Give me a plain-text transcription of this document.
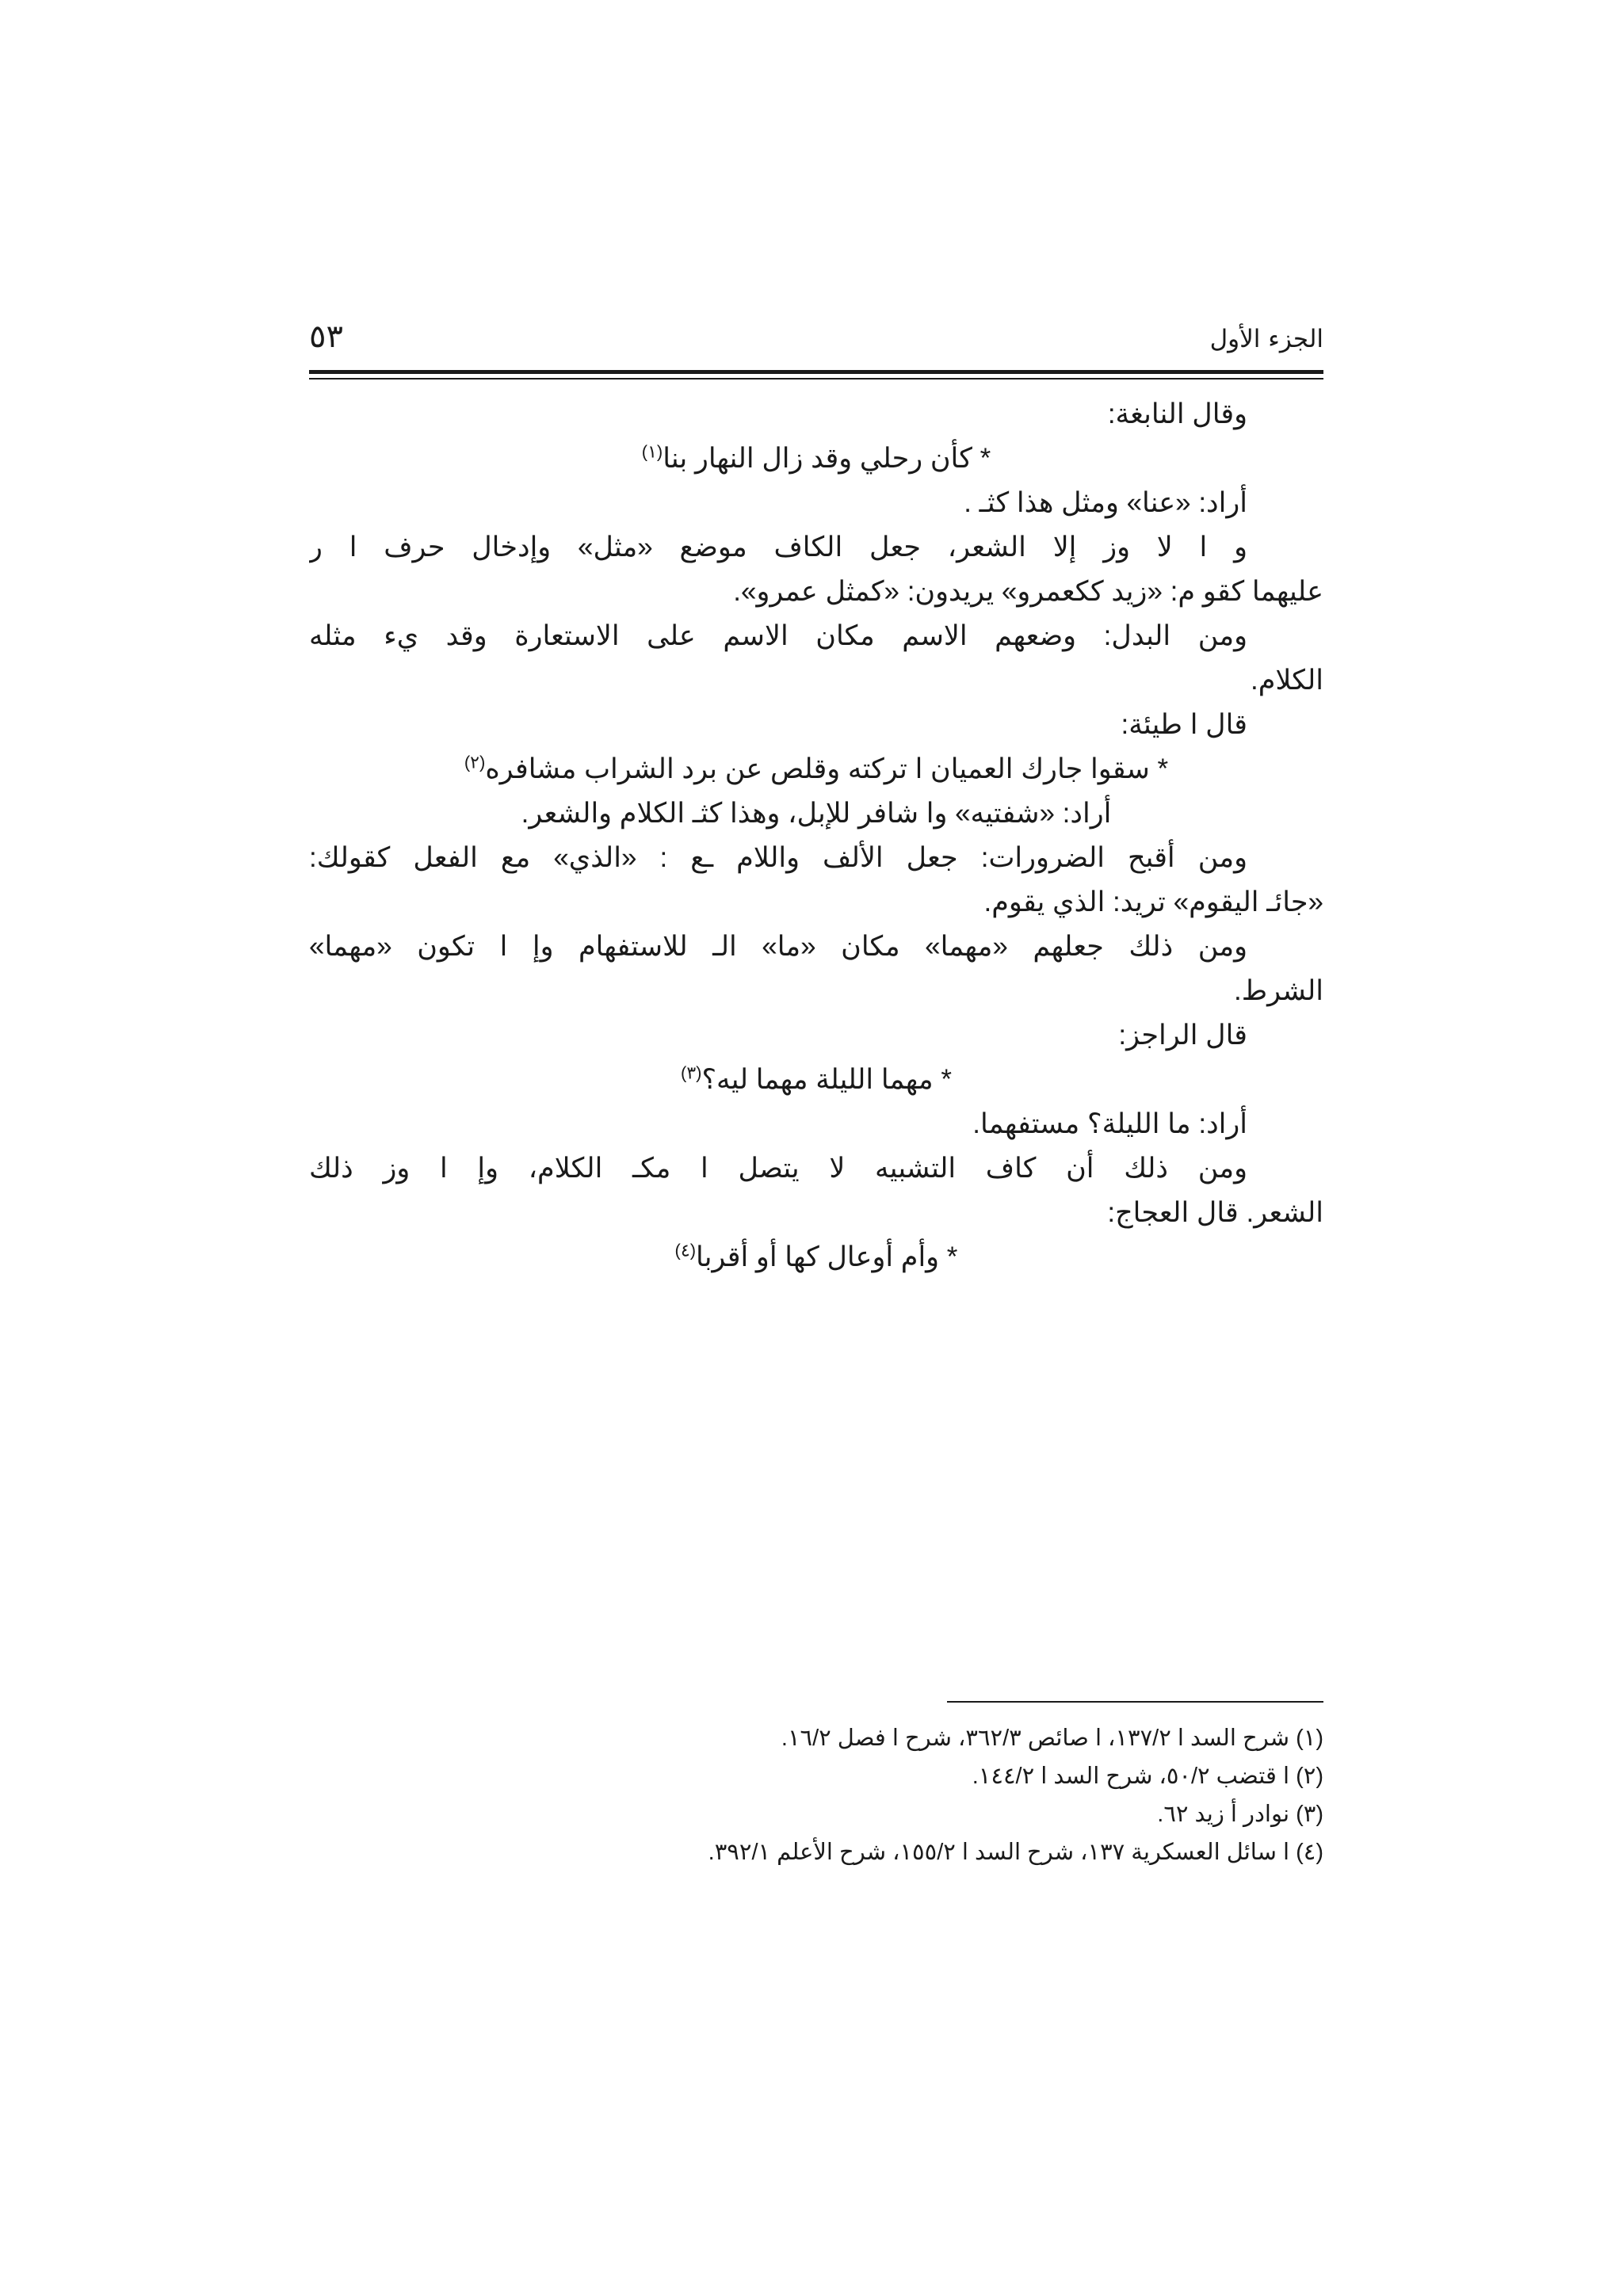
الجزء الأول
٥٣
وقال النابغة:
* كأن رحلي وقد زال النهار بنا$^{(١)}$
أراد: «عنا» ومثل هذا كثـ .
و ا لا وز إلا الشعر، جعل الكاف موضع «مثل» وإدخال حرف ا ر
عليهما كقو م: «زيد ككعمرو» يريدون: «كمثل عمرو».
ومن البدل: وضعهم الاسم مكان الاسم على الاستعارة وقد يء مثله
الكلام.
قال ا طيئة:
* سقوا جارك العميان ا تركته وقلص عن برد الشراب مشافره$^{(٢)}$
أراد: «شفتيه» وا شافر للإبل، وهذا كثـ الكلام والشعر.
ومن أقبح الضرورات: جعل الألف واللام ـع : «الذي» مع الفعل كقولك:
«جائـ اليقوم» تريد: الذي يقوم.
ومن ذلك جعلهم «مهما» مكان «ما» الـ للاستفهام وإ ا تكون «مهما»
الشرط.
قال الراجز:
* مهما الليلة مهما ليه؟$^{(٣)}$
أراد: ما الليلة؟ مستفهما.
ومن ذلك أن كاف التشبيه لا يتصل ا مكـ الكلام، وإ ا وز ذلك
الشعر. قال العجاج:
* وأم أوعال كها أو أقربا$^{(٤)}$
(١) شرح السد ا ١٣٧/٢، ا صائص ٣٦٢/٣، شرح ا فصل ١٦/٢.
(٢) ا قتضب ٥٠/٢، شرح السد ا ١٤٤/٢.
(٣) نوادر أ زيد ٦٢.
(٤) ا سائل العسكرية ١٣٧، شرح السد ا ١٥٥/٢، شرح الأعلم ٣٩٢/١.
